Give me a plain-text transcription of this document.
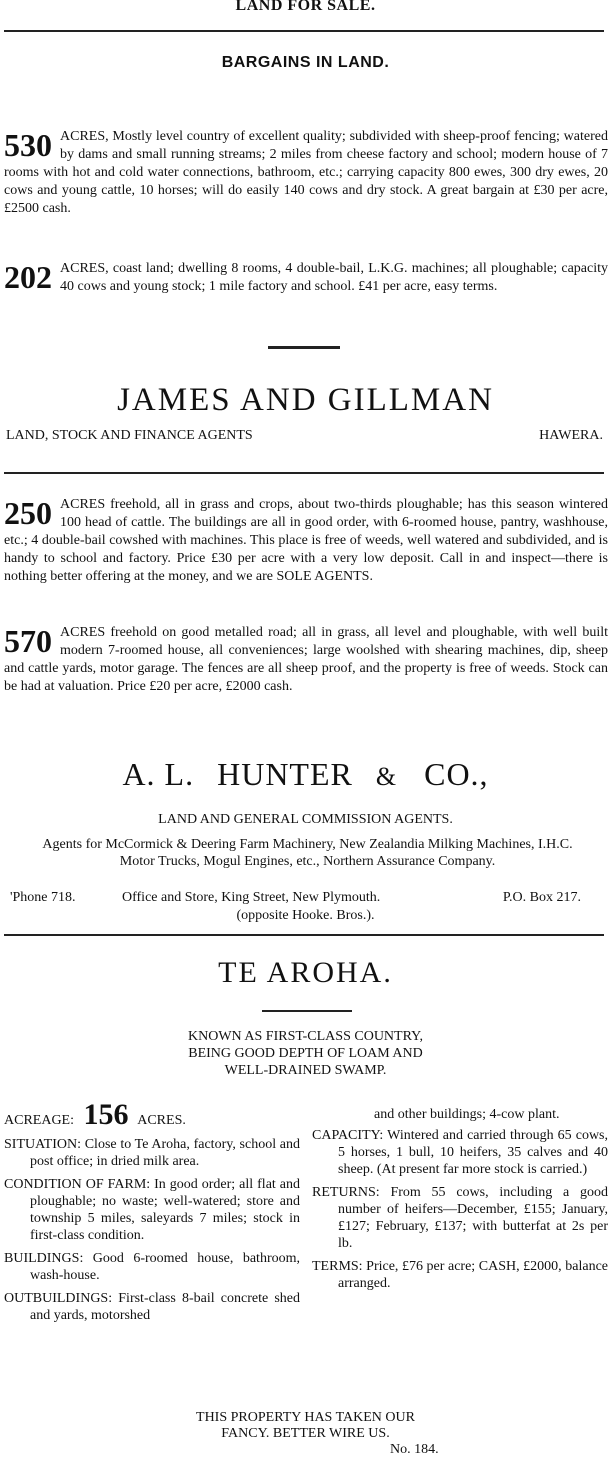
LAND FOR SALE.
BARGAINS IN LAND.
530 ACRES, Mostly level country of excellent quality; subdivided with sheep-proof fencing; watered by dams and small running streams; 2 miles from cheese factory and school; modern house of 7 rooms with hot and cold water connections, bathroom, etc.; carrying capacity 800 ewes, 300 dry ewes, 20 cows and young cattle, 10 horses; will do easily 140 cows and dry stock. A great bargain at £30 per acre, £2500 cash.
202 ACRES, coast land; dwelling 8 rooms, 4 double-bail, L.K.G. machines; all ploughable; capacity 40 cows and young stock; 1 mile factory and school. £41 per acre, easy terms.
JAMES AND GILLMAN
LAND, STOCK AND FINANCE AGENTS	HAWERA.
250 ACRES freehold, all in grass and crops, about two-thirds ploughable; has this season wintered 100 head of cattle. The buildings are all in good order, with 6-roomed house, pantry, washhouse, etc.; 4 double-bail cowshed with machines. This place is free of weeds, well watered and subdivided, and is handy to school and factory. Price £30 per acre with a very low deposit. Call in and inspect—there is nothing better offering at the money, and we are SOLE AGENTS.
570 ACRES freehold on good metalled road; all in grass, all level and ploughable, with well built modern 7-roomed house, all conveniences; large woolshed with shearing machines, dip, sheep and cattle yards, motor garage. The fences are all sheep proof, and the property is free of weeds. Stock can be had at valuation. Price £20 per acre, £2000 cash.
A. L. HUNTER & CO.,
LAND AND GENERAL COMMISSION AGENTS.
Agents for McCormick & Deering Farm Machinery, New Zealandia Milking Machines, I.H.C. Motor Trucks, Mogul Engines, etc., Northern Assurance Company.
'Phone 718.	Office and Store, King Street, New Plymouth.	P.O. Box 217.
(opposite Hooke. Bros.).
TE AROHA.
KNOWN AS FIRST-CLASS COUNTRY,
BEING GOOD DEPTH OF LOAM AND
WELL-DRAINED SWAMP.
ACREAGE: 156 ACRES.
SITUATION: Close to Te Aroha, factory, school and post office; in dried milk area.
CONDITION OF FARM: In good order; all flat and ploughable; no waste; well-watered; store and township 5 miles, saleyards 7 miles; stock in first-class condition.
BUILDINGS: Good 6-roomed house, bathroom, wash-house.
OUTBUILDINGS: First-class 8-bail concrete shed and yards, motorshed
and other buildings; 4-cow plant.
CAPACITY: Wintered and carried through 65 cows, 5 horses, 1 bull, 10 heifers, 35 calves and 40 sheep. (At present far more stock is carried.)
RETURNS: From 55 cows, including a good number of heifers—December, £155; January, £127; February, £137; with butterfat at 2s per lb.
TERMS: Price, £76 per acre; CASH, £2000, balance arranged.
THIS PROPERTY HAS TAKEN OUR
FANCY. BETTER WIRE US.
No. 184.
